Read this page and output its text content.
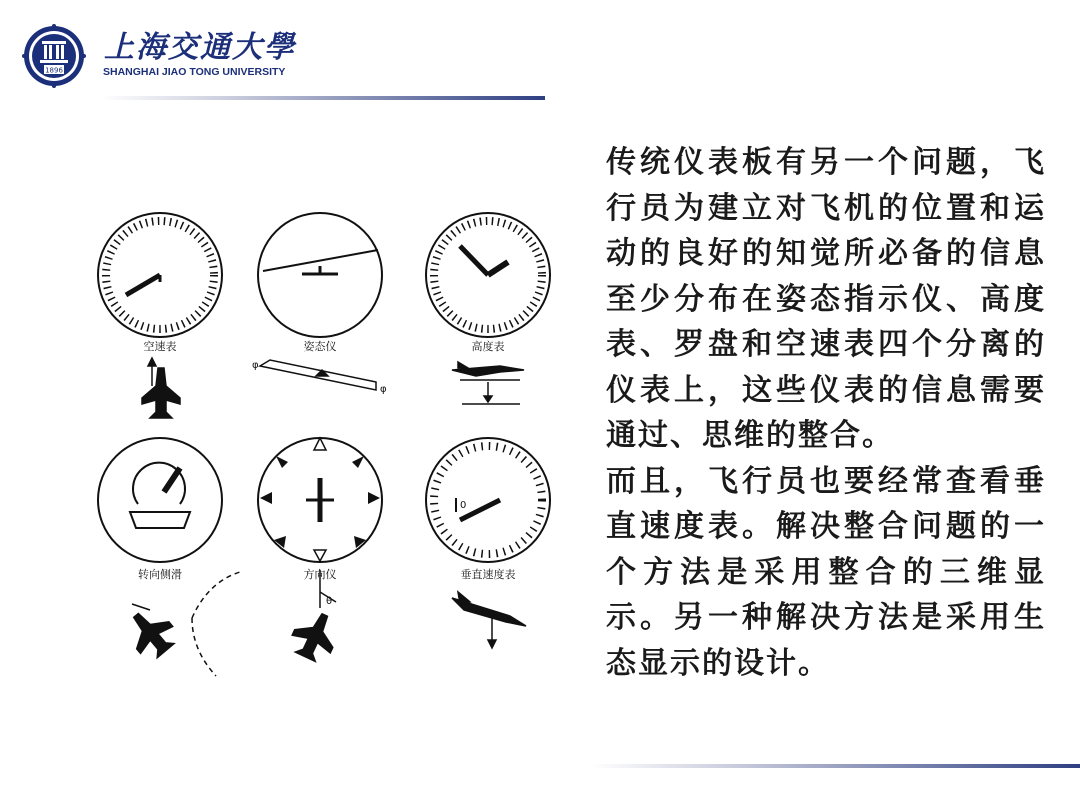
1896
上海交通大學
SHANGHAI JIAO TONG UNIVERSITY
空速表	姿态仪	高度表
转向侧滑	方向仪	垂直速度表
φ
φ
θ
0

传统仪表板有另一个问题，飞行员为建立对飞机的位置和运动的良好的知觉所必备的信息至少分布在姿态指示仪、高度表、罗盘和空速表四个分离的仪表上，这些仪表的信息需要通过、思维的整合。

而且，飞行员也要经常查看垂直速度表。解决整合问题的一个方法是采用整合的三维显示。另一种解决方法是采用生态显示的设计。
